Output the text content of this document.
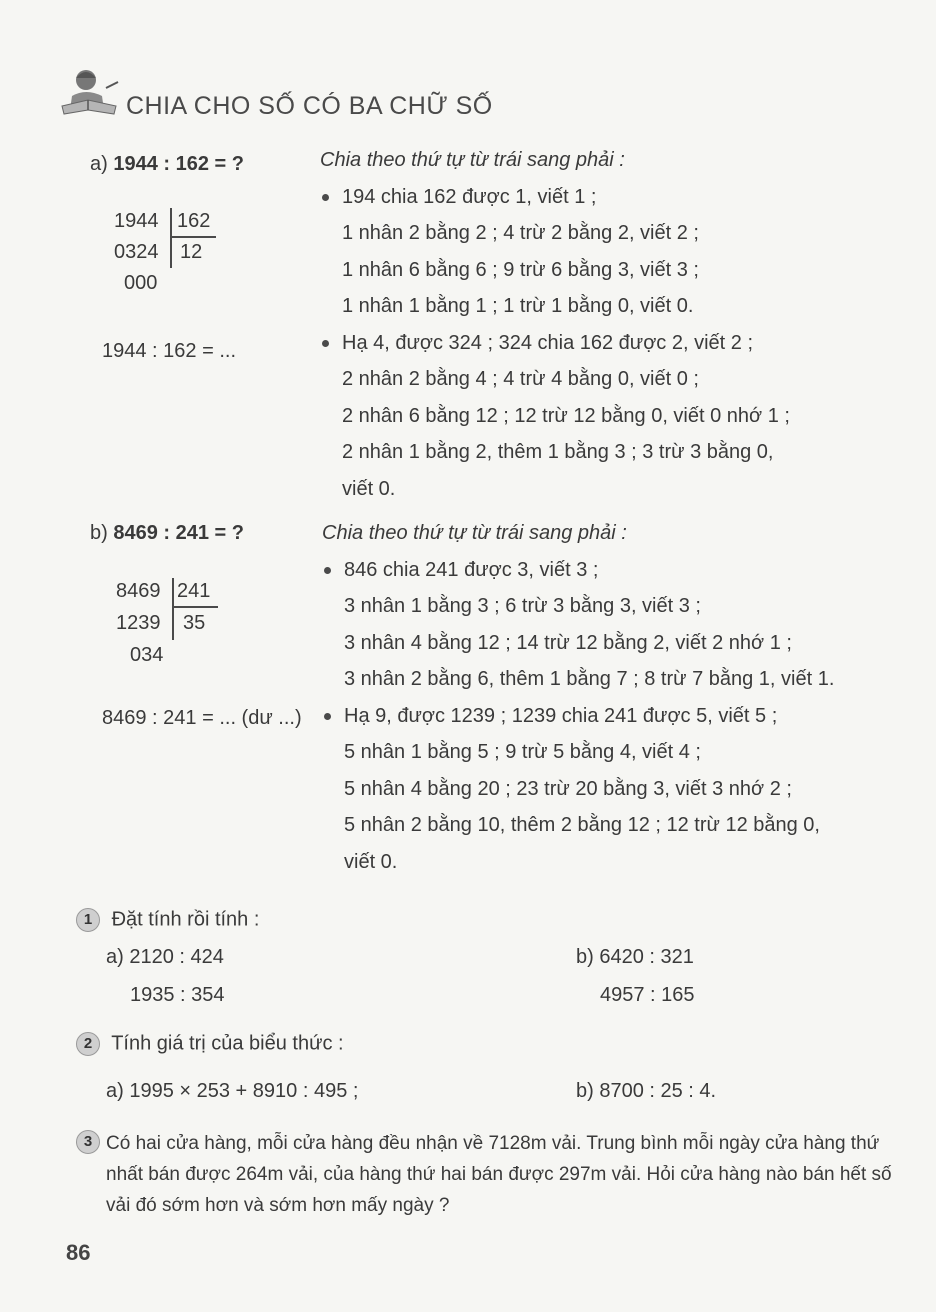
CHIA CHO SỐ CÓ BA CHỮ SỐ
a) 1944 : 162 = ?
1944 162
0324 12
000
1944 : 162 = ...
Chia theo thứ tự từ trái sang phải :
194 chia 162 được 1, viết 1 ;
1 nhân 2 bằng 2 ; 4 trừ 2 bằng 2, viết 2 ;
1 nhân 6 bằng 6 ; 9 trừ 6 bằng 3, viết 3 ;
1 nhân 1 bằng 1 ; 1 trừ 1 bằng 0, viết 0.
Hạ 4, được 324 ; 324 chia 162 được 2, viết 2 ;
2 nhân 2 bằng 4 ; 4 trừ 4 bằng 0, viết 0 ;
2 nhân 6 bằng 12 ; 12 trừ 12 bằng 0, viết 0 nhớ 1 ;
2 nhân 1 bằng 2, thêm 1 bằng 3 ; 3 trừ 3 bằng 0,
viết 0.
b) 8469 : 241 = ?
8469 241
1239 35
034
8469 : 241 = ... (dư ...)
Chia theo thứ tự từ trái sang phải :
846 chia 241 được 3, viết 3 ;
3 nhân 1 bằng 3 ; 6 trừ 3 bằng 3, viết 3 ;
3 nhân 4 bằng 12 ; 14 trừ 12 bằng 2, viết 2 nhớ 1 ;
3 nhân 2 bằng 6, thêm 1 bằng 7 ; 8 trừ 7 bằng 1, viết 1.
Hạ 9, được 1239 ; 1239 chia 241 được 5, viết 5 ;
5 nhân 1 bằng 5 ; 9 trừ 5 bằng 4, viết 4 ;
5 nhân 4 bằng 20 ; 23 trừ 20 bằng 3, viết 3 nhớ 2 ;
5 nhân 2 bằng 10, thêm 2 bằng 12 ; 12 trừ 12 bằng 0,
viết 0.
1 Đặt tính rồi tính :
a) 2120 : 424
1935 : 354
b) 6420 : 321
4957 : 165
2 Tính giá trị của biểu thức :
a) 1995 × 253 + 8910 : 495 ;	b) 8700 : 25 : 4.
3 Có hai cửa hàng, mỗi cửa hàng đều nhận về 7128m vải. Trung bình mỗi ngày cửa hàng thứ nhất bán được 264m vải, của hàng thứ hai bán được 297m vải. Hỏi cửa hàng nào bán hết số vải đó sớm hơn và sớm hơn mấy ngày ?
86
